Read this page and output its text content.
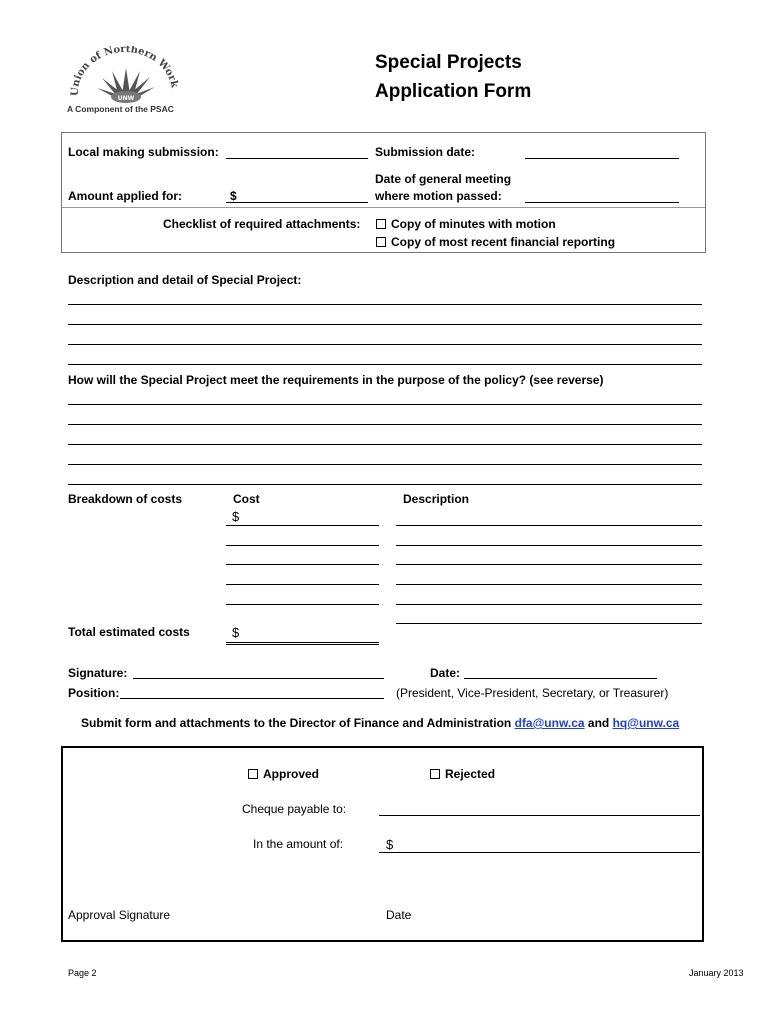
UNW
Union of Northern Work
A Component of the PSAC
Special Projects
Application Form
Local making submission:	Submission date:
Amount applied for:	$
Date of general meeting
where motion passed:
Checklist of required attachments:	Copy of minutes with motion
Copy of most recent financial reporting
Description and detail of Special Project:
How will the Special Project meet the requirements in the purpose of the policy? (see reverse)
Breakdown of costs	Cost	Description
$
Total estimated costs	$
Signature:	Date:
Position:	(President, Vice-President, Secretary, or Treasurer)
Submit form and attachments to the Director of Finance and Administration dfa@unw.ca and hq@unw.ca
Approved	Rejected
Cheque payable to:
In the amount of:	$
Approval Signature	Date
Page 2	January 2013
